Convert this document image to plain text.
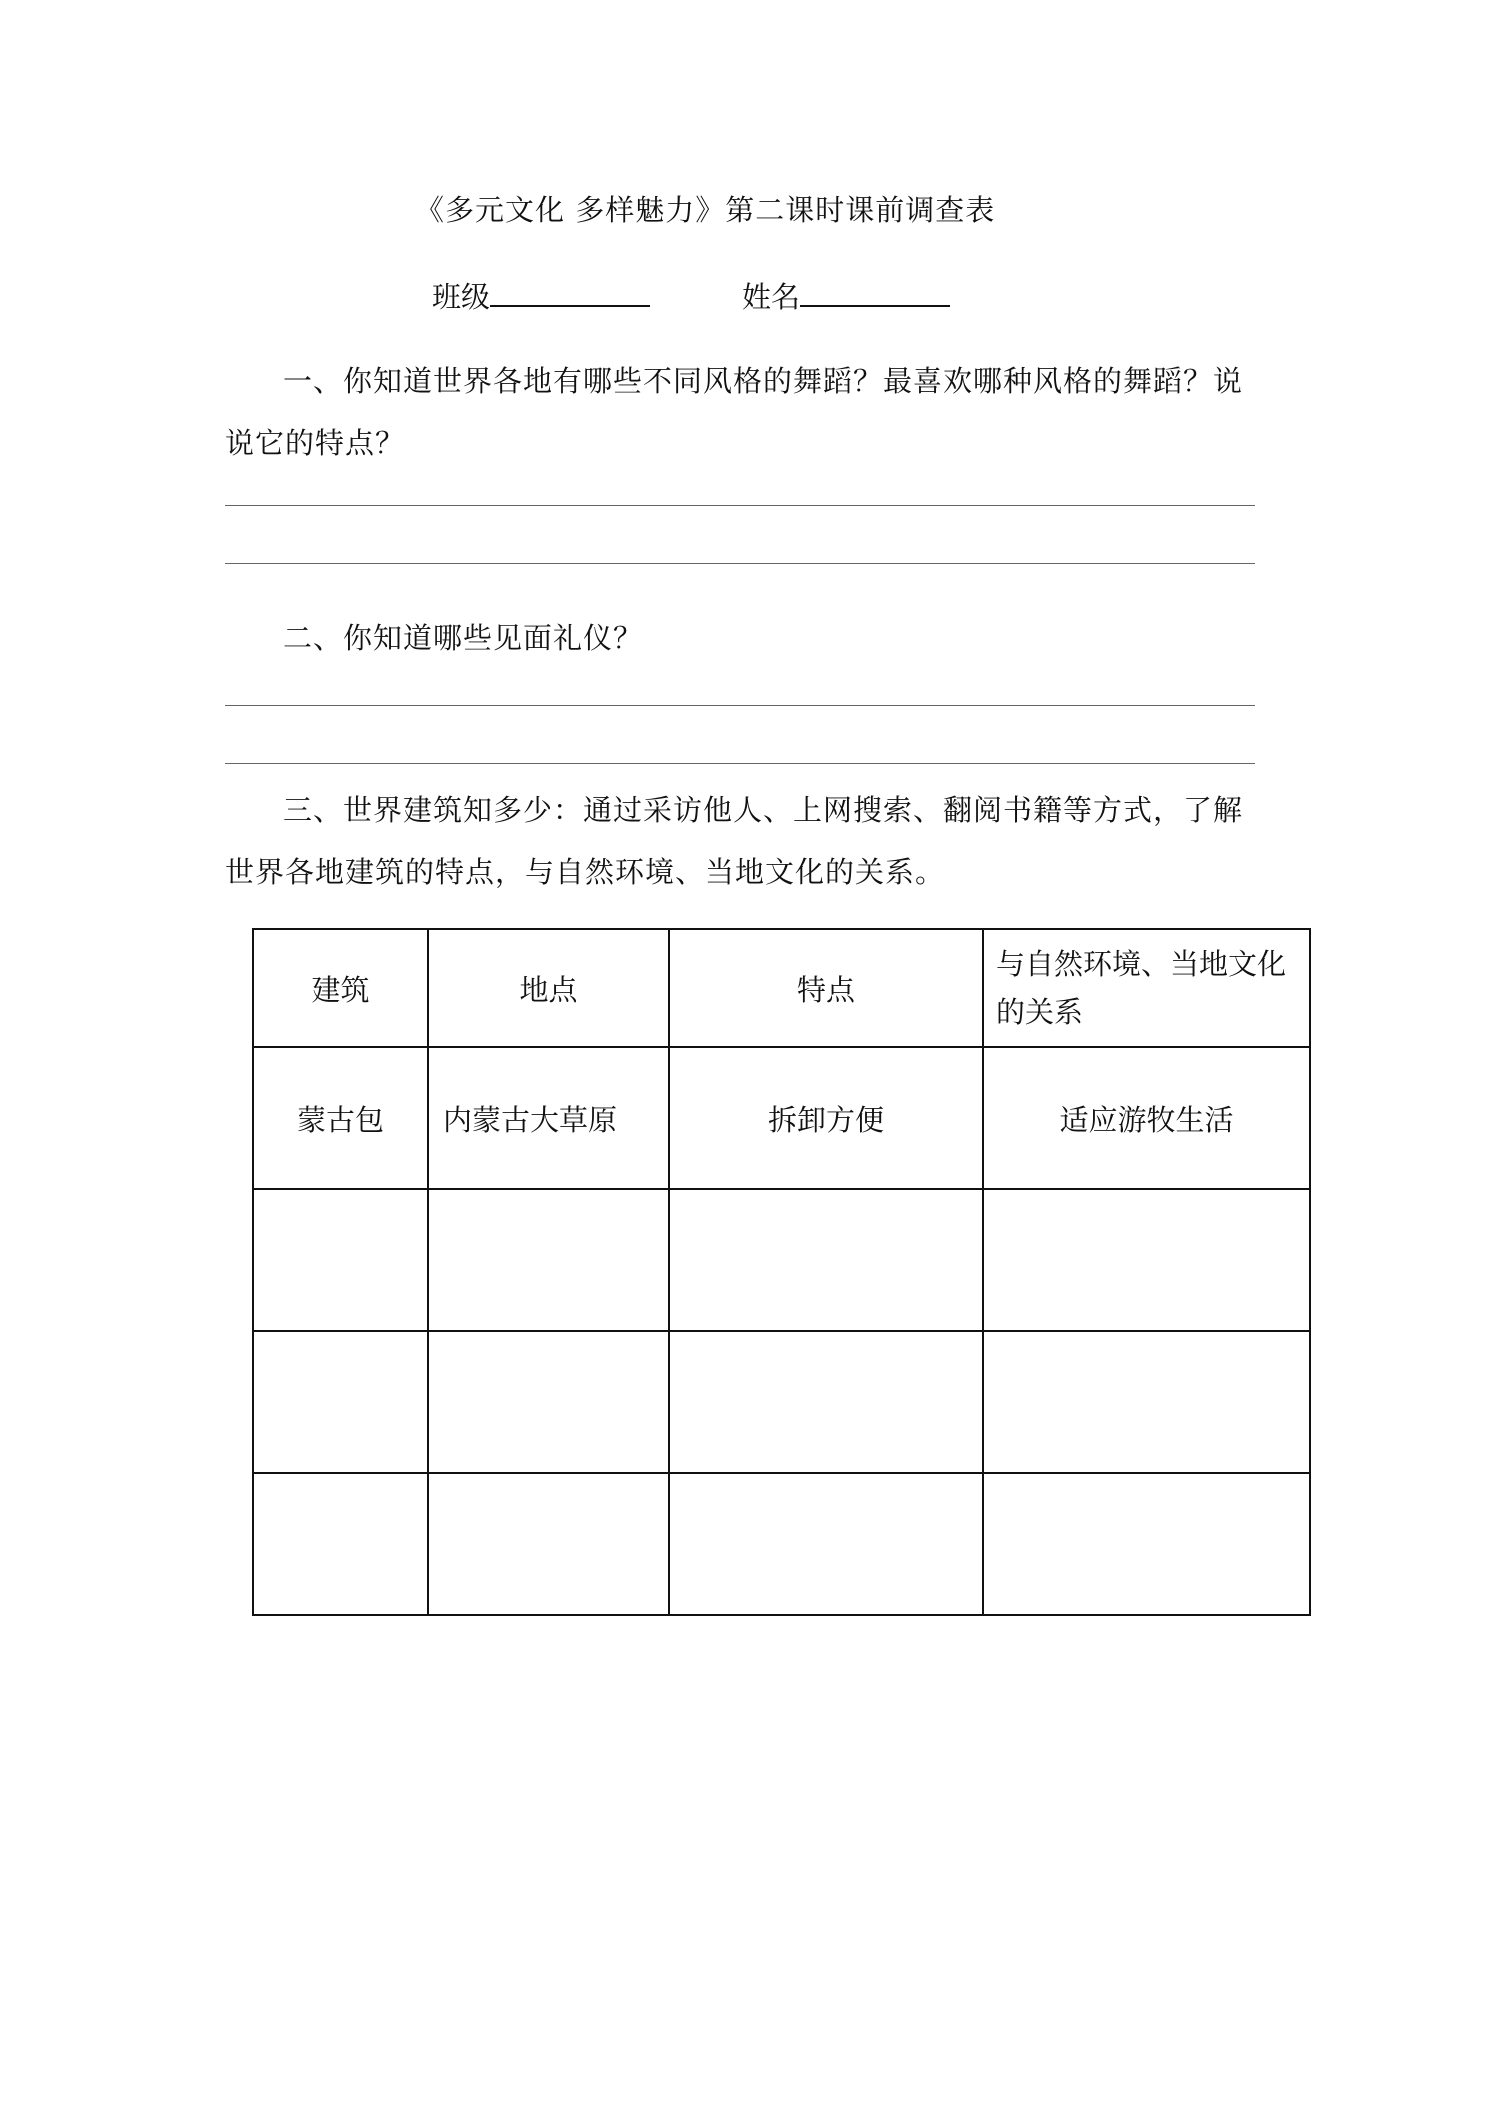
《多元文化 多样魅力》第二课时课前调查表
班级	姓名
一、你知道世界各地有哪些不同风格的舞蹈？最喜欢哪种风格的舞蹈？说说它的特点？
二、你知道哪些见面礼仪？
三、世界建筑知多少：通过采访他人、上网搜索、翻阅书籍等方式，了解世界各地建筑的特点，与自然环境、当地文化的关系。
建筑	地点	特点	与自然环境、当地文化的关系
蒙古包	内蒙古大草原	拆卸方便	适应游牧生活
